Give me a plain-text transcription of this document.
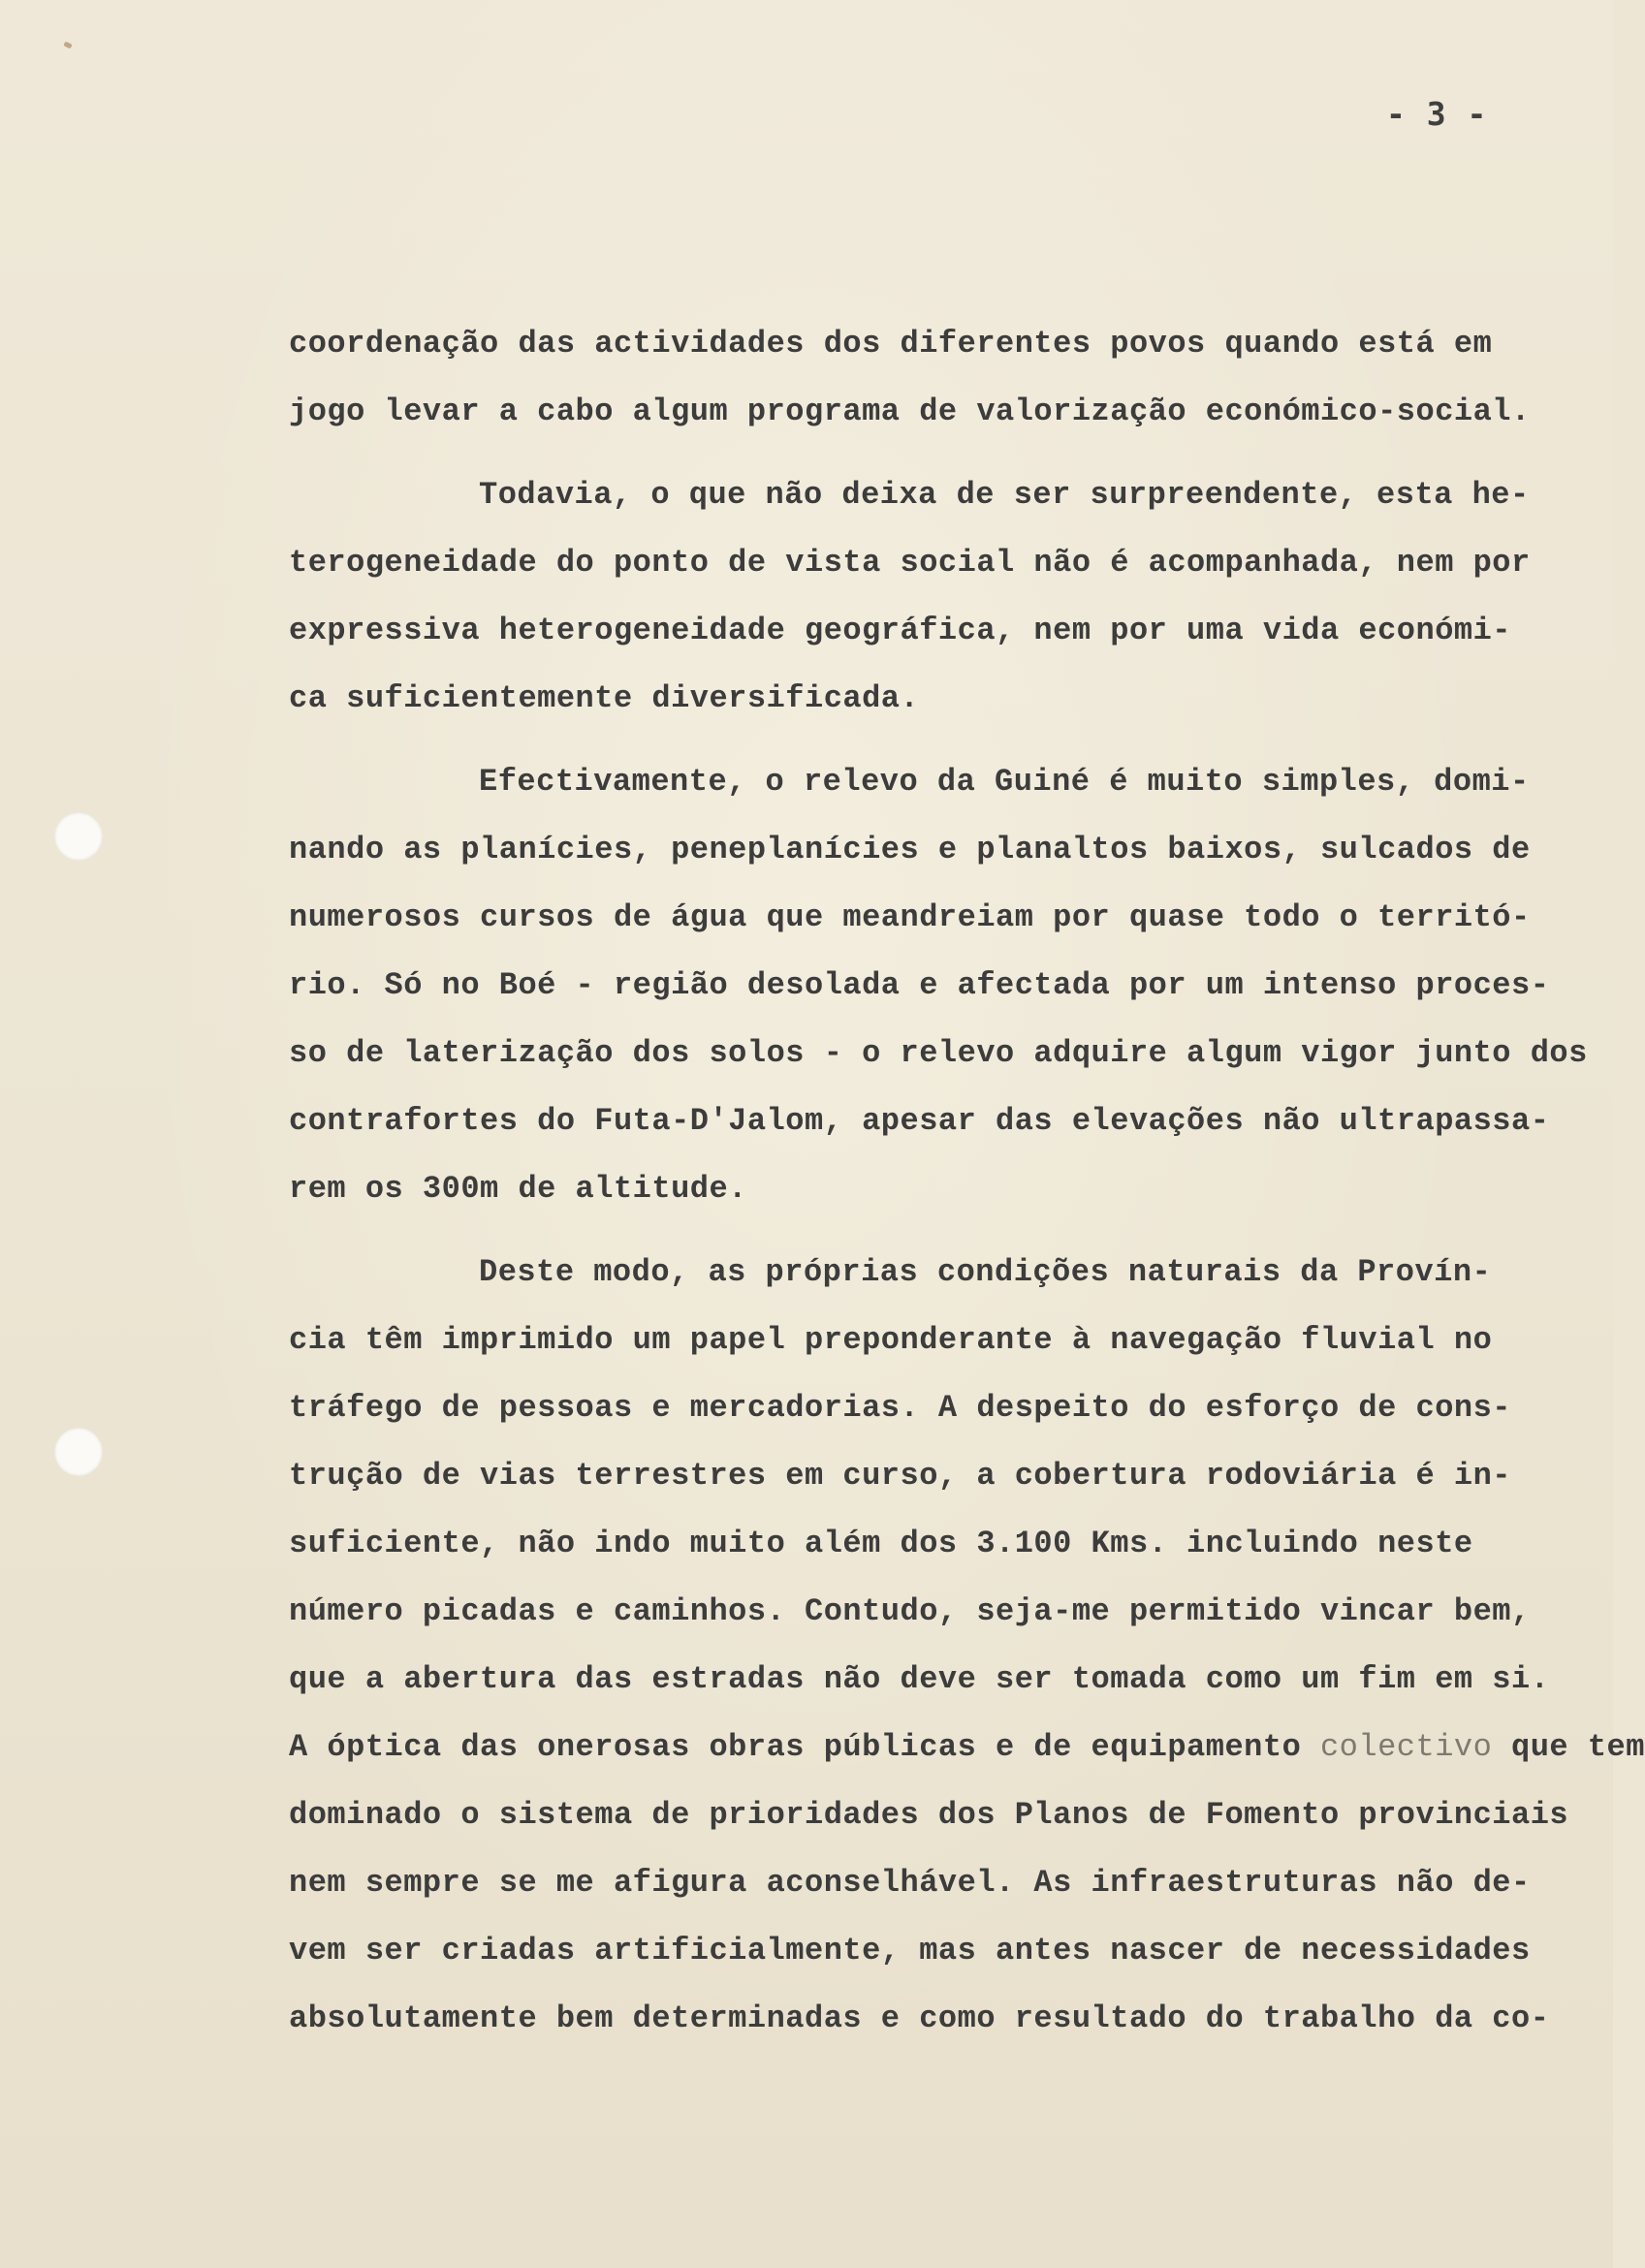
- 3 -

coordenação das actividades dos diferentes povos quando está em
jogo levar a cabo algum programa de valorização económico-social.

Todavia, o que não deixa de ser surpreendente, esta he-
terogeneidade do ponto de vista social não é acompanhada, nem por
expressiva heterogeneidade geográfica, nem por uma vida económi-
ca suficientemente diversificada.

Efectivamente, o relevo da Guiné é muito simples, domi-
nando as planícies, peneplanícies e planaltos baixos, sulcados de
numerosos cursos de água que meandreiam por quase todo o territó-
rio. Só no Boé - região desolada e afectada por um intenso proces-
so de laterização dos solos - o relevo adquire algum vigor junto dos
contrafortes do Futa-D'Jalom, apesar das elevações não ultrapassa-
rem os 300m de altitude.

Deste modo, as próprias condições naturais da Provín-
cia têm imprimido um papel preponderante à navegação fluvial no
tráfego de pessoas e mercadorias. A despeito do esforço de cons-
trução de vias terrestres em curso, a cobertura rodoviária é in-
suficiente, não indo muito além dos 3.100 Kms. incluindo neste
número picadas e caminhos. Contudo, seja-me permitido vincar bem,
que a abertura das estradas não deve ser tomada como um fim em si.
A óptica das onerosas obras públicas e de equipamento colectivo que tem
dominado o sistema de prioridades dos Planos de Fomento provinciais
nem sempre se me afigura aconselhável. As infraestruturas não de-
vem ser criadas artificialmente, mas antes nascer de necessidades
absolutamente bem determinadas e como resultado do trabalho da co-
